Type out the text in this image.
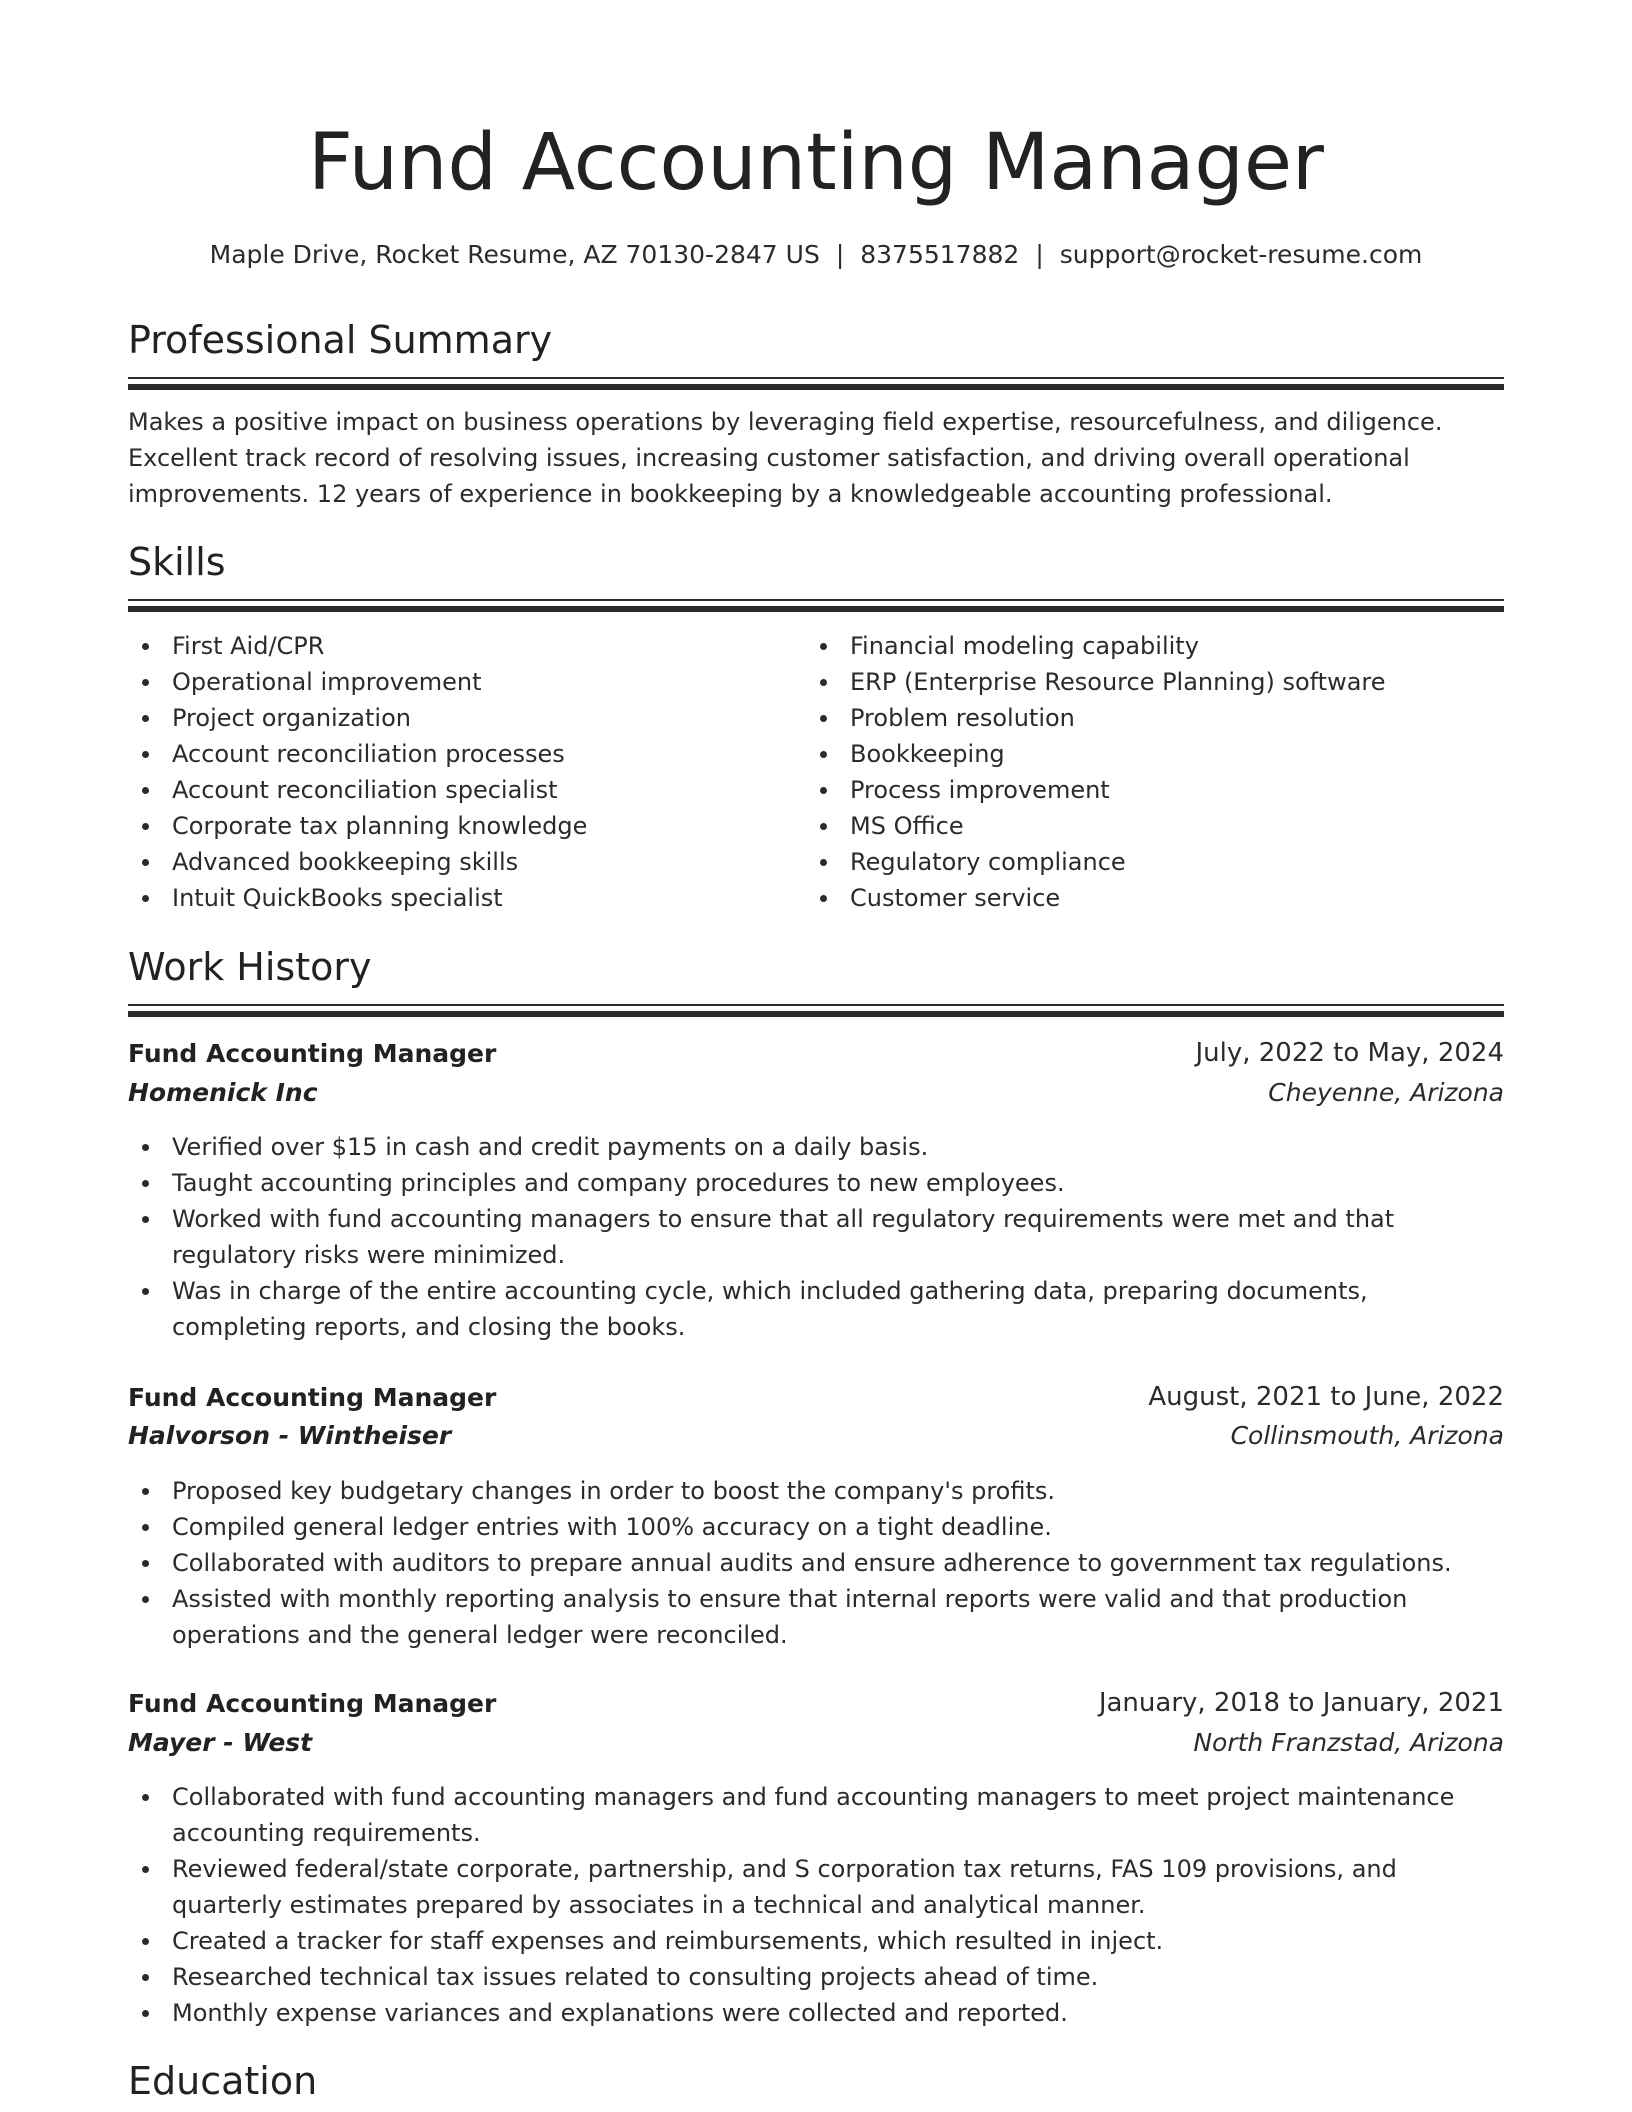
Fund Accounting Manager
Maple Drive, Rocket Resume, AZ 70130-2847 US | 8375517882 | support@rocket-resume.com
Professional Summary

Makes a positive impact on business operations by leveraging field expertise, resourcefulness, and diligence. Excellent track record of resolving issues, increasing customer satisfaction, and driving overall operational improvements. 12 years of experience in bookkeeping by a knowledgeable accounting professional.

Skills
First Aid/CPR
Operational improvement
Project organization
Account reconciliation processes
Account reconciliation specialist
Corporate tax planning knowledge
Advanced bookkeeping skills
Intuit QuickBooks specialist
Financial modeling capability
ERP (Enterprise Resource Planning) software
Problem resolution
Bookkeeping
Process improvement
MS Office
Regulatory compliance
Customer service
Work History
Fund Accounting Manager	July, 2022 to May, 2024
Homenick Inc	Cheyenne, Arizona
Verified over $15 in cash and credit payments on a daily basis.
Taught accounting principles and company procedures to new employees.
Worked with fund accounting managers to ensure that all regulatory requirements were met and that regulatory risks were minimized.
Was in charge of the entire accounting cycle, which included gathering data, preparing documents, completing reports, and closing the books.
Fund Accounting Manager	August, 2021 to June, 2022
Halvorson - Wintheiser	Collinsmouth, Arizona
Proposed key budgetary changes in order to boost the company's profits.
Compiled general ledger entries with 100% accuracy on a tight deadline.
Collaborated with auditors to prepare annual audits and ensure adherence to government tax regulations.
Assisted with monthly reporting analysis to ensure that internal reports were valid and that production operations and the general ledger were reconciled.
Fund Accounting Manager	January, 2018 to January, 2021
Mayer - West	North Franzstad, Arizona
Collaborated with fund accounting managers and fund accounting managers to meet project maintenance accounting requirements.
Reviewed federal/state corporate, partnership, and S corporation tax returns, FAS 109 provisions, and quarterly estimates prepared by associates in a technical and analytical manner.
Created a tracker for staff expenses and reimbursements, which resulted in inject.
Researched technical tax issues related to consulting projects ahead of time.
Monthly expense variances and explanations were collected and reported.
Education
